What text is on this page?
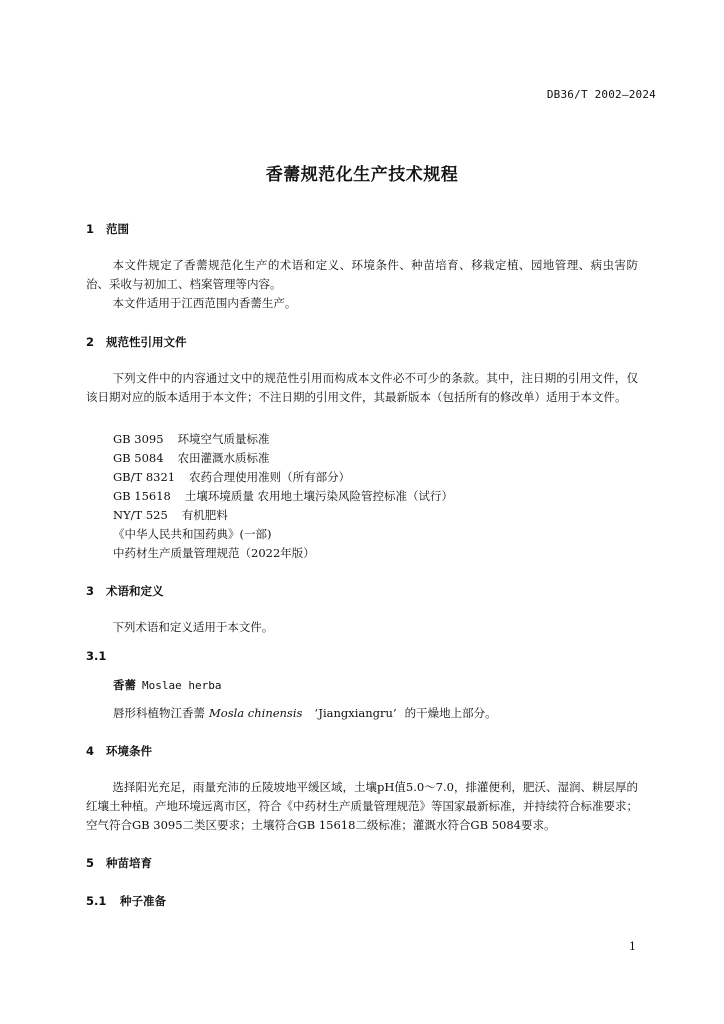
DB36/T 2002—2024
香薷规范化生产技术规程
1 范围
本文件规定了香薷规范化生产的术语和定义、环境条件、种苗培育、移栽定植、园地管理、病虫害防治、采收与初加工、档案管理等内容。
本文件适用于江西范围内香薷生产。
2 规范性引用文件
下列文件中的内容通过文中的规范性引用而构成本文件必不可少的条款。其中，注日期的引用文件，仅该日期对应的版本适用于本文件；不注日期的引用文件，其最新版本（包括所有的修改单）适用于本文件。
GB 3095 环境空气质量标准
GB 5084 农田灌溉水质标准
GB/T 8321 农药合理使用准则（所有部分）
GB 15618 土壤环境质量 农用地土壤污染风险管控标准（试行）
NY/T 525 有机肥料
《中华人民共和国药典》(一部)
中药材生产质量管理规范（2022年版）
3 术语和定义
下列术语和定义适用于本文件。
3.1
香薷 Moslae herba
唇形科植物江香薷 Mosla chinensis ‘Jiangxiangru’ 的干燥地上部分。
4 环境条件
选择阳光充足，雨量充沛的丘陵坡地平缓区域，土壤pH值5.0～7.0，排灌便利，肥沃、湿润、耕层厚的红壤土种植。产地环境远离市区，符合《中药材生产质量管理规范》等国家最新标准，并持续符合标准要求；空气符合GB 3095二类区要求；土壤符合GB 15618二级标准；灌溉水符合GB 5084要求。
5 种苗培育
5.1 种子准备
1
